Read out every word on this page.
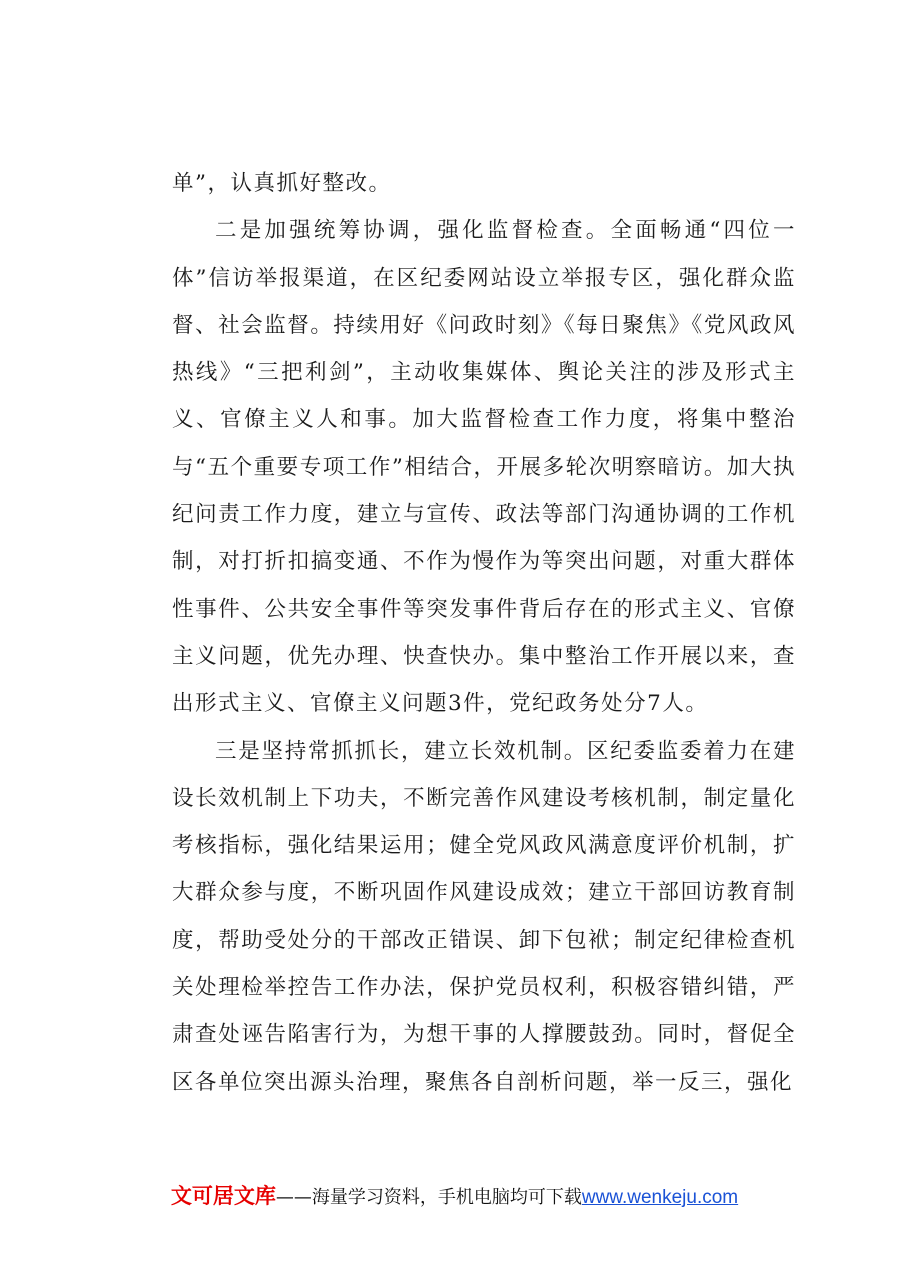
单”，认真抓好整改。

二是加强统筹协调，强化监督检查。全面畅通“四位一体”信访举报渠道，在区纪委网站设立举报专区，强化群众监督、社会监督。持续用好《问政时刻》《每日聚焦》《党风政风热线》“三把利剑”，主动收集媒体、舆论关注的涉及形式主义、官僚主义人和事。加大监督检查工作力度，将集中整治与“五个重要专项工作”相结合，开展多轮次明察暗访。加大执纪问责工作力度，建立与宣传、政法等部门沟通协调的工作机制，对打折扣搞变通、不作为慢作为等突出问题，对重大群体性事件、公共安全事件等突发事件背后存在的形式主义、官僚主义问题，优先办理、快查快办。集中整治工作开展以来，查出形式主义、官僚主义问题3件，党纪政务处分7人。

三是坚持常抓抓长，建立长效机制。区纪委监委着力在建设长效机制上下功夫，不断完善作风建设考核机制，制定量化考核指标，强化结果运用；健全党风政风满意度评价机制，扩大群众参与度，不断巩固作风建设成效；建立干部回访教育制度，帮助受处分的干部改正错误、卸下包袱；制定纪律检查机关处理检举控告工作办法，保护党员权利，积极容错纠错，严肃查处诬告陷害行为，为想干事的人撑腰鼓劲。同时，督促全区各单位突出源头治理，聚焦各自剖析问题，举一反三，强化

文可居文库——海量学习资料，手机电脑均可下载www.wenkeju.com
